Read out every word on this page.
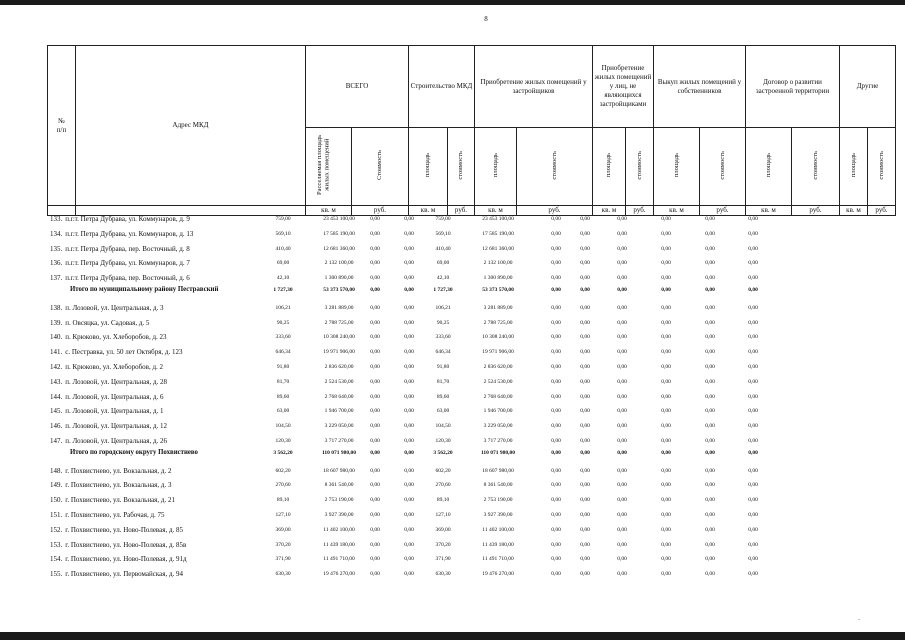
8
№
п/п	Адрес МКД	ВСЕГО		Строительство МКД		Приобретение жилых помещений у застройщиков		Приобретение жилых помещений у лиц, не являющихся застройщиками		Выкуп жилых помещений у собственников		Договор о развитии застроенной территории		Другие	
		Расселяемая площадь жилых помещений	Стоимость	площадь	стоимость	площадь	стоимость	площадь	стоимость	площадь	стоимость	площадь	стоимость	площадь	стоимость
		кв. м	руб.	кв. м	руб.	кв. м	руб.	кв. м	руб.	кв. м	руб.	кв. м	руб.	кв. м	руб.
133. п.г.т. Петра Дубрава, ул. Коммунаров, д. 9	759,00	23 453 100,00	0,00	0,00	759,00	23 453 100,00	0,00	0,00	0,00	0,00	0,00	0,00
134. п.г.т. Петра Дубрава, ул. Коммунаров, д. 13	569,10	17 585 190,00	0,00	0,00	569,10	17 585 190,00	0,00	0,00	0,00	0,00	0,00	0,00
135. п.г.т. Петра Дубрава, пер. Восточный, д. 8	410,40	12 681 360,00	0,00	0,00	410,40	12 681 360,00	0,00	0,00	0,00	0,00	0,00	0,00
136. п.г.т. Петра Дубрава, ул. Коммунаров, д. 7	69,00	2 132 100,00	0,00	0,00	69,00	2 132 100,00	0,00	0,00	0,00	0,00	0,00	0,00
137. п.г.т. Петра Дубрава, пер. Восточный, д. 6	42,10	1 300 890,00	0,00	0,00	42,10	1 300 890,00	0,00	0,00	0,00	0,00	0,00	0,00
Итого по муниципальному району Пестравский	1 727,30	53 373 570,00	0,00	0,00	1 727,30	53 373 570,00	0,00	0,00	0,00	0,00	0,00	0,00
138. п. Лозовой, ул. Центральная, д. 3	106,21	3 281 889,00	0,00	0,00	106,21	3 281 889,00	0,00	0,00	0,00	0,00	0,00	0,00
139. п. Овсяцка, ул. Садовая, д. 5	90,25	2 788 725,00	0,00	0,00	90,25	2 788 725,00	0,00	0,00	0,00	0,00	0,00	0,00
140. п. Крюково, ул. Хлеборобов, д. 23	333,60	10 308 240,00	0,00	0,00	333,60	10 308 240,00	0,00	0,00	0,00	0,00	0,00	0,00
141. с. Пестравка, ул. 50 лет Октября, д. 123	646,34	19 971 906,00	0,00	0,00	646,34	19 971 906,00	0,00	0,00	0,00	0,00	0,00	0,00
142. п. Крюково, ул. Хлеборобов, д. 2	91,80	2 836 620,00	0,00	0,00	91,80	2 836 620,00	0,00	0,00	0,00	0,00	0,00	0,00
143. п. Лозовой, ул. Центральная, д. 28	81,70	2 524 530,00	0,00	0,00	81,70	2 524 530,00	0,00	0,00	0,00	0,00	0,00	0,00
144. п. Лозовой, ул. Центральная, д. 6	89,60	2 768 640,00	0,00	0,00	89,60	2 768 640,00	0,00	0,00	0,00	0,00	0,00	0,00
145. п. Лозовой, ул. Центральная, д. 1	63,00	1 946 700,00	0,00	0,00	63,00	1 946 700,00	0,00	0,00	0,00	0,00	0,00	0,00
146. п. Лозовой, ул. Центральная, д. 12	104,50	3 229 050,00	0,00	0,00	104,50	3 229 050,00	0,00	0,00	0,00	0,00	0,00	0,00
147. п. Лозовой, ул. Центральная, д. 26	120,30	3 717 270,00	0,00	0,00	120,30	3 717 270,00	0,00	0,00	0,00	0,00	0,00	0,00
Итого по городскому округу Похвистнево	3 562,20	110 071 980,00	0,00	0,00	3 562,20	110 071 980,00	0,00	0,00	0,00	0,00	0,00	0,00
148. г. Похвистнево, ул. Вокзальная, д. 2	602,20	18 607 980,00	0,00	0,00	602,20	18 607 980,00	0,00	0,00	0,00	0,00	0,00	0,00
149. г. Похвистнево, ул. Вокзальная, д. 3	270,60	8 361 540,00	0,00	0,00	270,60	8 361 540,00	0,00	0,00	0,00	0,00	0,00	0,00
150. г. Похвистнево, ул. Вокзальная, д. 21	89,10	2 753 190,00	0,00	0,00	89,10	2 753 190,00	0,00	0,00	0,00	0,00	0,00	0,00
151. г. Похвистнево, ул. Рабочая, д. 75	127,10	3 927 390,00	0,00	0,00	127,10	3 927 390,00	0,00	0,00	0,00	0,00	0,00	0,00
152. г. Похвистнево, ул. Ново-Полевая, д. 85	369,00	11 402 100,00	0,00	0,00	369,00	11 402 100,00	0,00	0,00	0,00	0,00	0,00	0,00
153. г. Похвистнево, ул. Ново-Полевая, д. 85в	370,20	11 439 180,00	0,00	0,00	370,20	11 439 180,00	0,00	0,00	0,00	0,00	0,00	0,00
154. г. Похвистнево, ул. Ново-Полевая, д. 91д	371,90	11 491 710,00	0,00	0,00	371,90	11 491 710,00	0,00	0,00	0,00	0,00	0,00	0,00
155. г. Похвистнево, ул. Первомайская, д. 94	630,30	19 476 270,00	0,00	0,00	630,30	19 476 270,00	0,00	0,00	0,00	0,00	0,00	0,00
.
